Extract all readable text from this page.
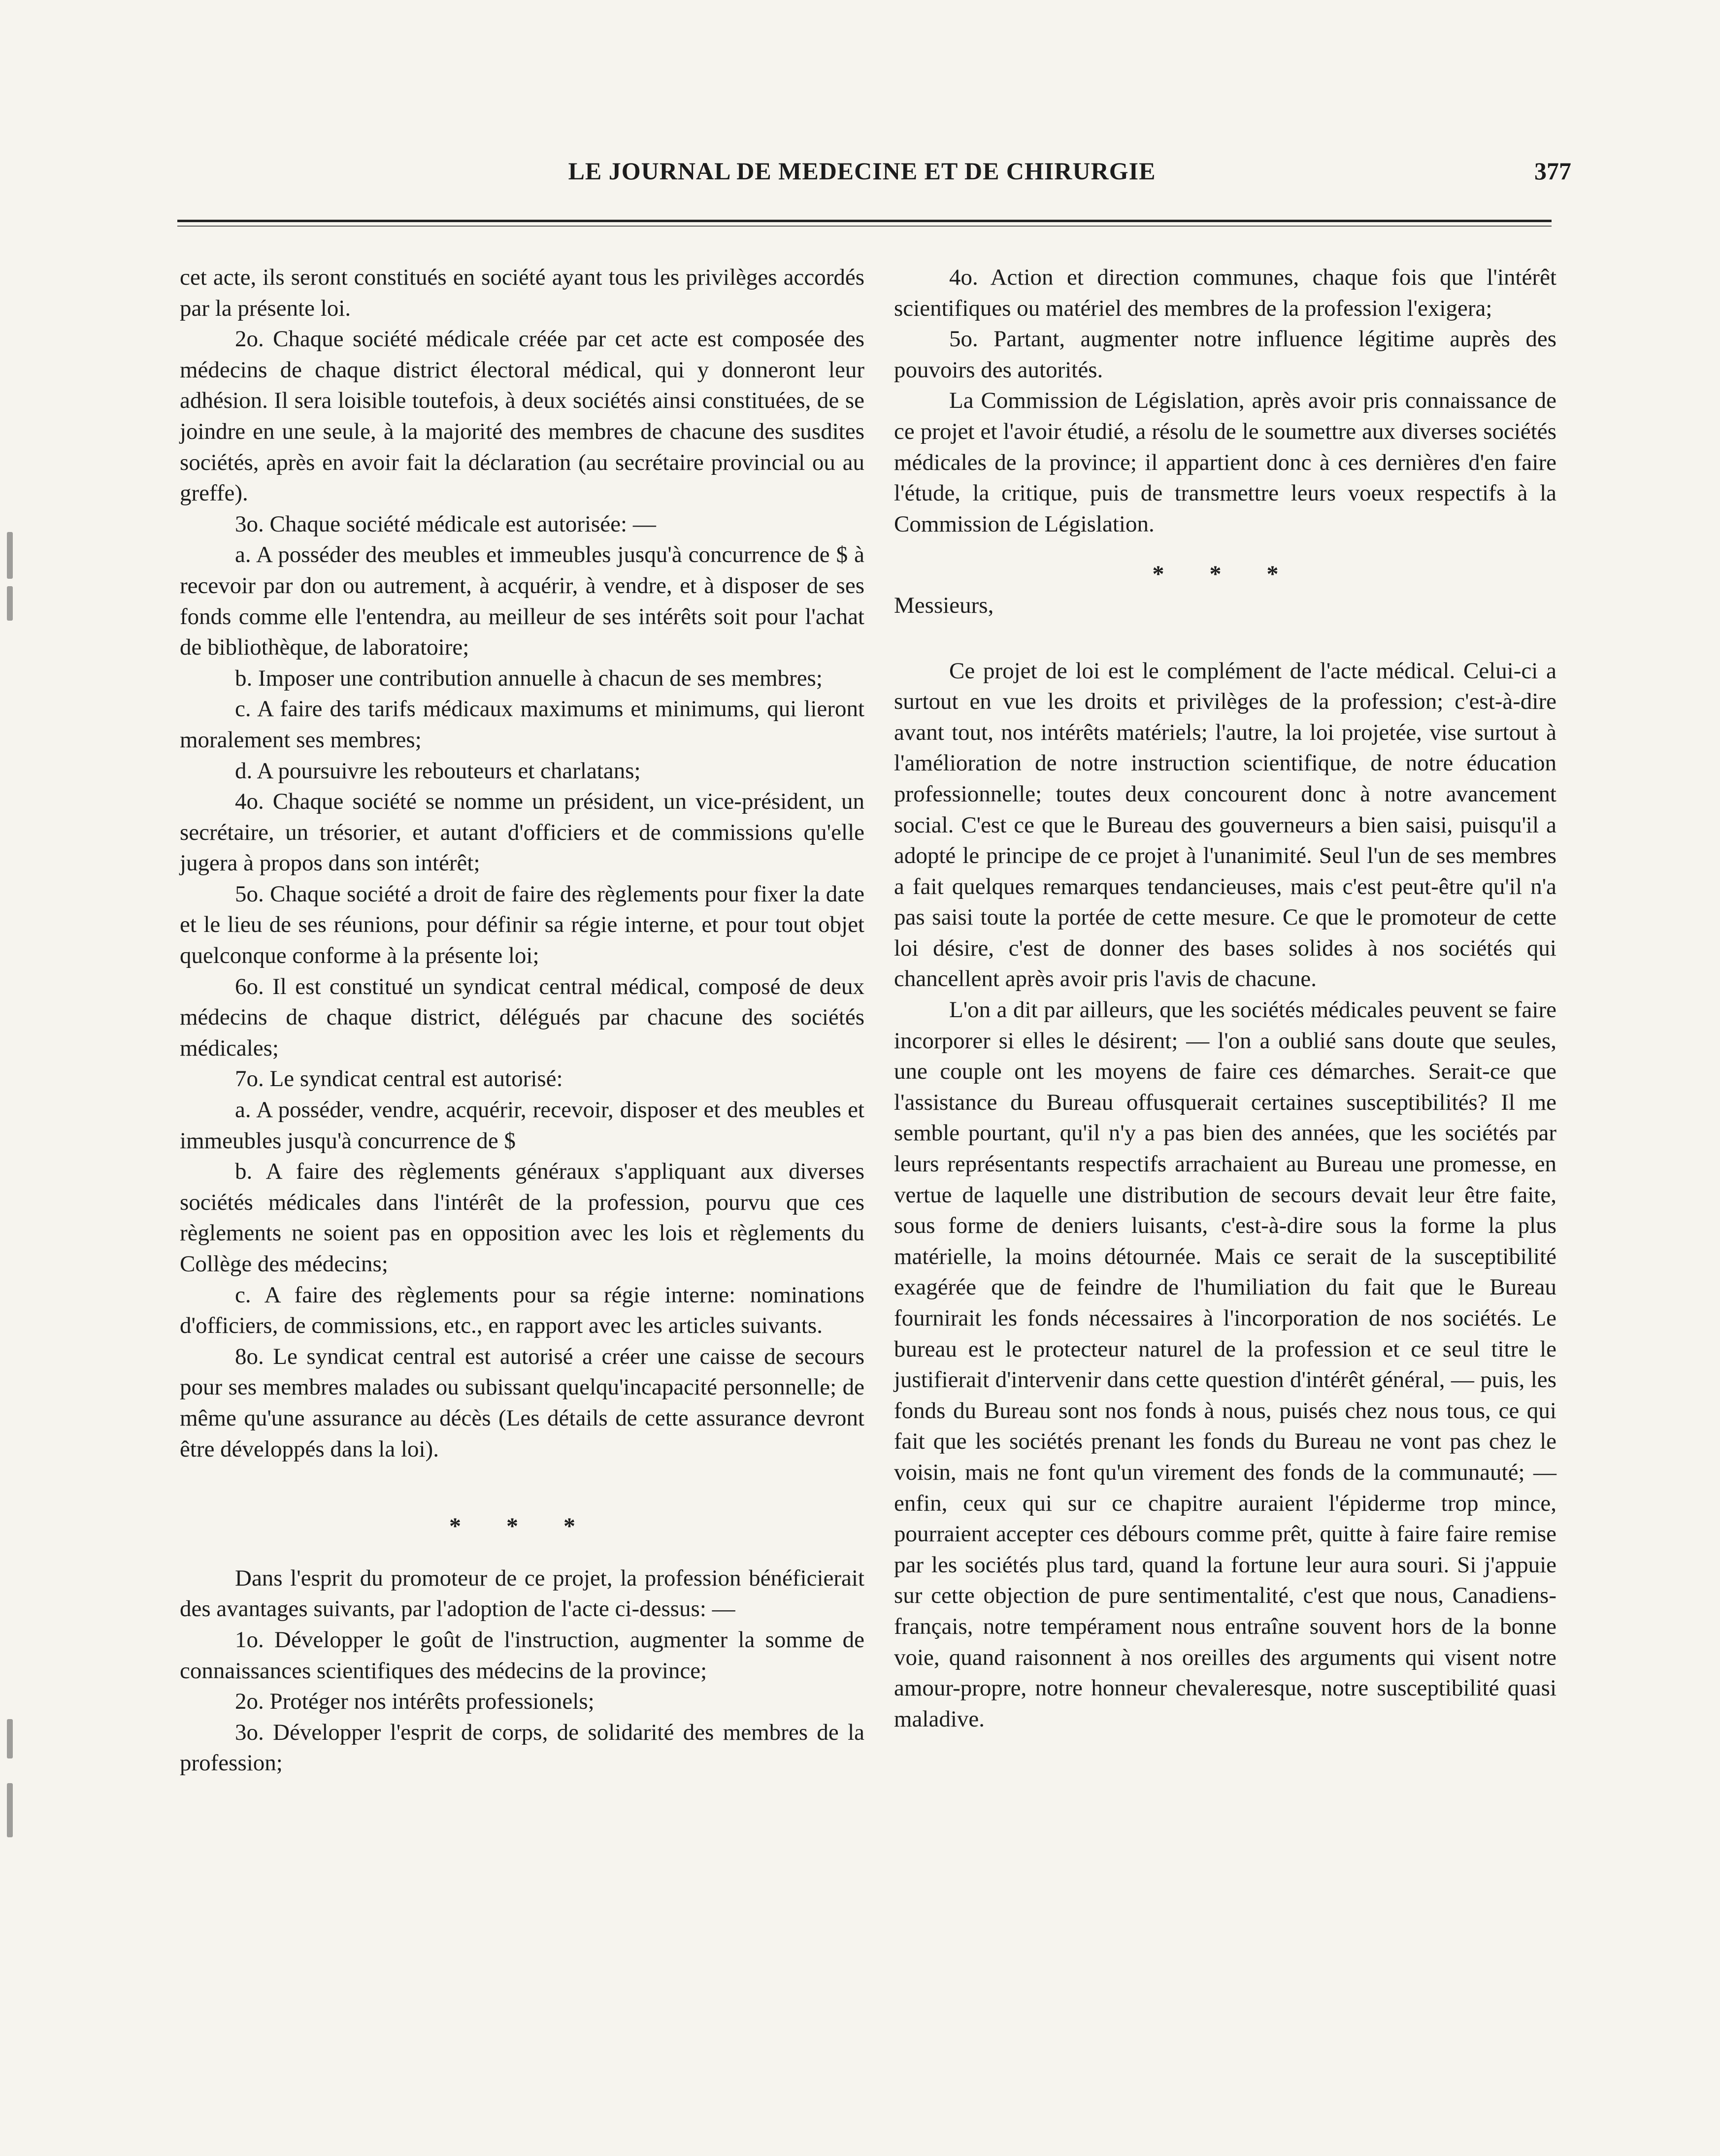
LE JOURNAL DE MEDECINE ET DE CHIRURGIE	377

cet acte, ils seront constitués en société ayant tous les privilèges accordés par la présente loi.

2o. Chaque société médicale créée par cet acte est composée des médecins de chaque district électoral médical, qui y donneront leur adhésion. Il sera loisible toutefois, à deux sociétés ainsi constituées, de se joindre en une seule, à la majorité des membres de chacune des susdites sociétés, après en avoir fait la déclaration (au secrétaire provincial ou au greffe).

3o. Chaque société médicale est autorisée: —

a. A posséder des meubles et immeubles jusqu'à concurrence de $ à recevoir par don ou autrement, à acquérir, à vendre, et à disposer de ses fonds comme elle l'entendra, au meilleur de ses intérêts soit pour l'achat de bibliothèque, de laboratoire;

b. Imposer une contribution annuelle à chacun de ses membres;

c. A faire des tarifs médicaux maximums et minimums, qui lieront moralement ses membres;

d. A poursuivre les rebouteurs et charlatans;

4o. Chaque société se nomme un président, un vice-président, un secrétaire, un trésorier, et autant d'officiers et de commissions qu'elle jugera à propos dans son intérêt;

5o. Chaque société a droit de faire des règlements pour fixer la date et le lieu de ses réunions, pour définir sa régie interne, et pour tout objet quelconque conforme à la présente loi;

6o. Il est constitué un syndicat central médical, composé de deux médecins de chaque district, délégués par chacune des sociétés médicales;

7o. Le syndicat central est autorisé:

a. A posséder, vendre, acquérir, recevoir, disposer et des meubles et immeubles jusqu'à concurrence de $

b. A faire des règlements généraux s'appliquant aux diverses sociétés médicales dans l'intérêt de la profession, pourvu que ces règlements ne soient pas en opposition avec les lois et règlements du Collège des médecins;

c. A faire des règlements pour sa régie interne: nominations d'officiers, de commissions, etc., en rapport avec les articles suivants.

8o. Le syndicat central est autorisé a créer une caisse de secours pour ses membres malades ou subissant quelqu'incapacité personnelle; de même qu'une assurance au décès (Les détails de cette assurance devront être développés dans la loi).

* * *

Dans l'esprit du promoteur de ce projet, la profession bénéficierait des avantages suivants, par l'adoption de l'acte ci-dessus: —

1o. Développer le goût de l'instruction, augmenter la somme de connaissances scientifiques des médecins de la province;

2o. Protéger nos intérêts professionels;

3o. Développer l'esprit de corps, de solidarité des membres de la profession;

4o. Action et direction communes, chaque fois que l'intérêt scientifiques ou matériel des membres de la profession l'exigera;

5o. Partant, augmenter notre influence légitime auprès des pouvoirs des autorités.

La Commission de Législation, après avoir pris connaissance de ce projet et l'avoir étudié, a résolu de le soumettre aux diverses sociétés médicales de la province; il appartient donc à ces dernières d'en faire l'étude, la critique, puis de transmettre leurs voeux respectifs à la Commission de Législation.

* * *

Messieurs,

Ce projet de loi est le complément de l'acte médical. Celui-ci a surtout en vue les droits et privilèges de la profession; c'est-à-dire avant tout, nos intérêts matériels; l'autre, la loi projetée, vise surtout à l'amélioration de notre instruction scientifique, de notre éducation professionnelle; toutes deux concourent donc à notre avancement social. C'est ce que le Bureau des gouverneurs a bien saisi, puisqu'il a adopté le principe de ce projet à l'unanimité. Seul l'un de ses membres a fait quelques remarques tendancieuses, mais c'est peut-être qu'il n'a pas saisi toute la portée de cette mesure. Ce que le promoteur de cette loi désire, c'est de donner des bases solides à nos sociétés qui chancellent après avoir pris l'avis de chacune.

L'on a dit par ailleurs, que les sociétés médicales peuvent se faire incorporer si elles le désirent; — l'on a oublié sans doute que seules, une couple ont les moyens de faire ces démarches. Serait-ce que l'assistance du Bureau offusquerait certaines susceptibilités? Il me semble pourtant, qu'il n'y a pas bien des années, que les sociétés par leurs représentants respectifs arrachaient au Bureau une promesse, en vertue de laquelle une distribution de secours devait leur être faite, sous forme de deniers luisants, c'est-à-dire sous la forme la plus matérielle, la moins détournée. Mais ce serait de la susceptibilité exagérée que de feindre de l'humiliation du fait que le Bureau fournirait les fonds nécessaires à l'incorporation de nos sociétés. Le bureau est le protecteur naturel de la profession et ce seul titre le justifierait d'intervenir dans cette question d'intérêt général, — puis, les fonds du Bureau sont nos fonds à nous, puisés chez nous tous, ce qui fait que les sociétés prenant les fonds du Bureau ne vont pas chez le voisin, mais ne font qu'un virement des fonds de la communauté; — enfin, ceux qui sur ce chapitre auraient l'épiderme trop mince, pourraient accepter ces débours comme prêt, quitte à faire faire remise par les sociétés plus tard, quand la fortune leur aura souri. Si j'appuie sur cette objection de pure sentimentalité, c'est que nous, Canadiens-français, notre tempérament nous entraîne souvent hors de la bonne voie, quand raisonnent à nos oreilles des arguments qui visent notre amour-propre, notre honneur chevaleresque, notre susceptibilité quasi maladive.
